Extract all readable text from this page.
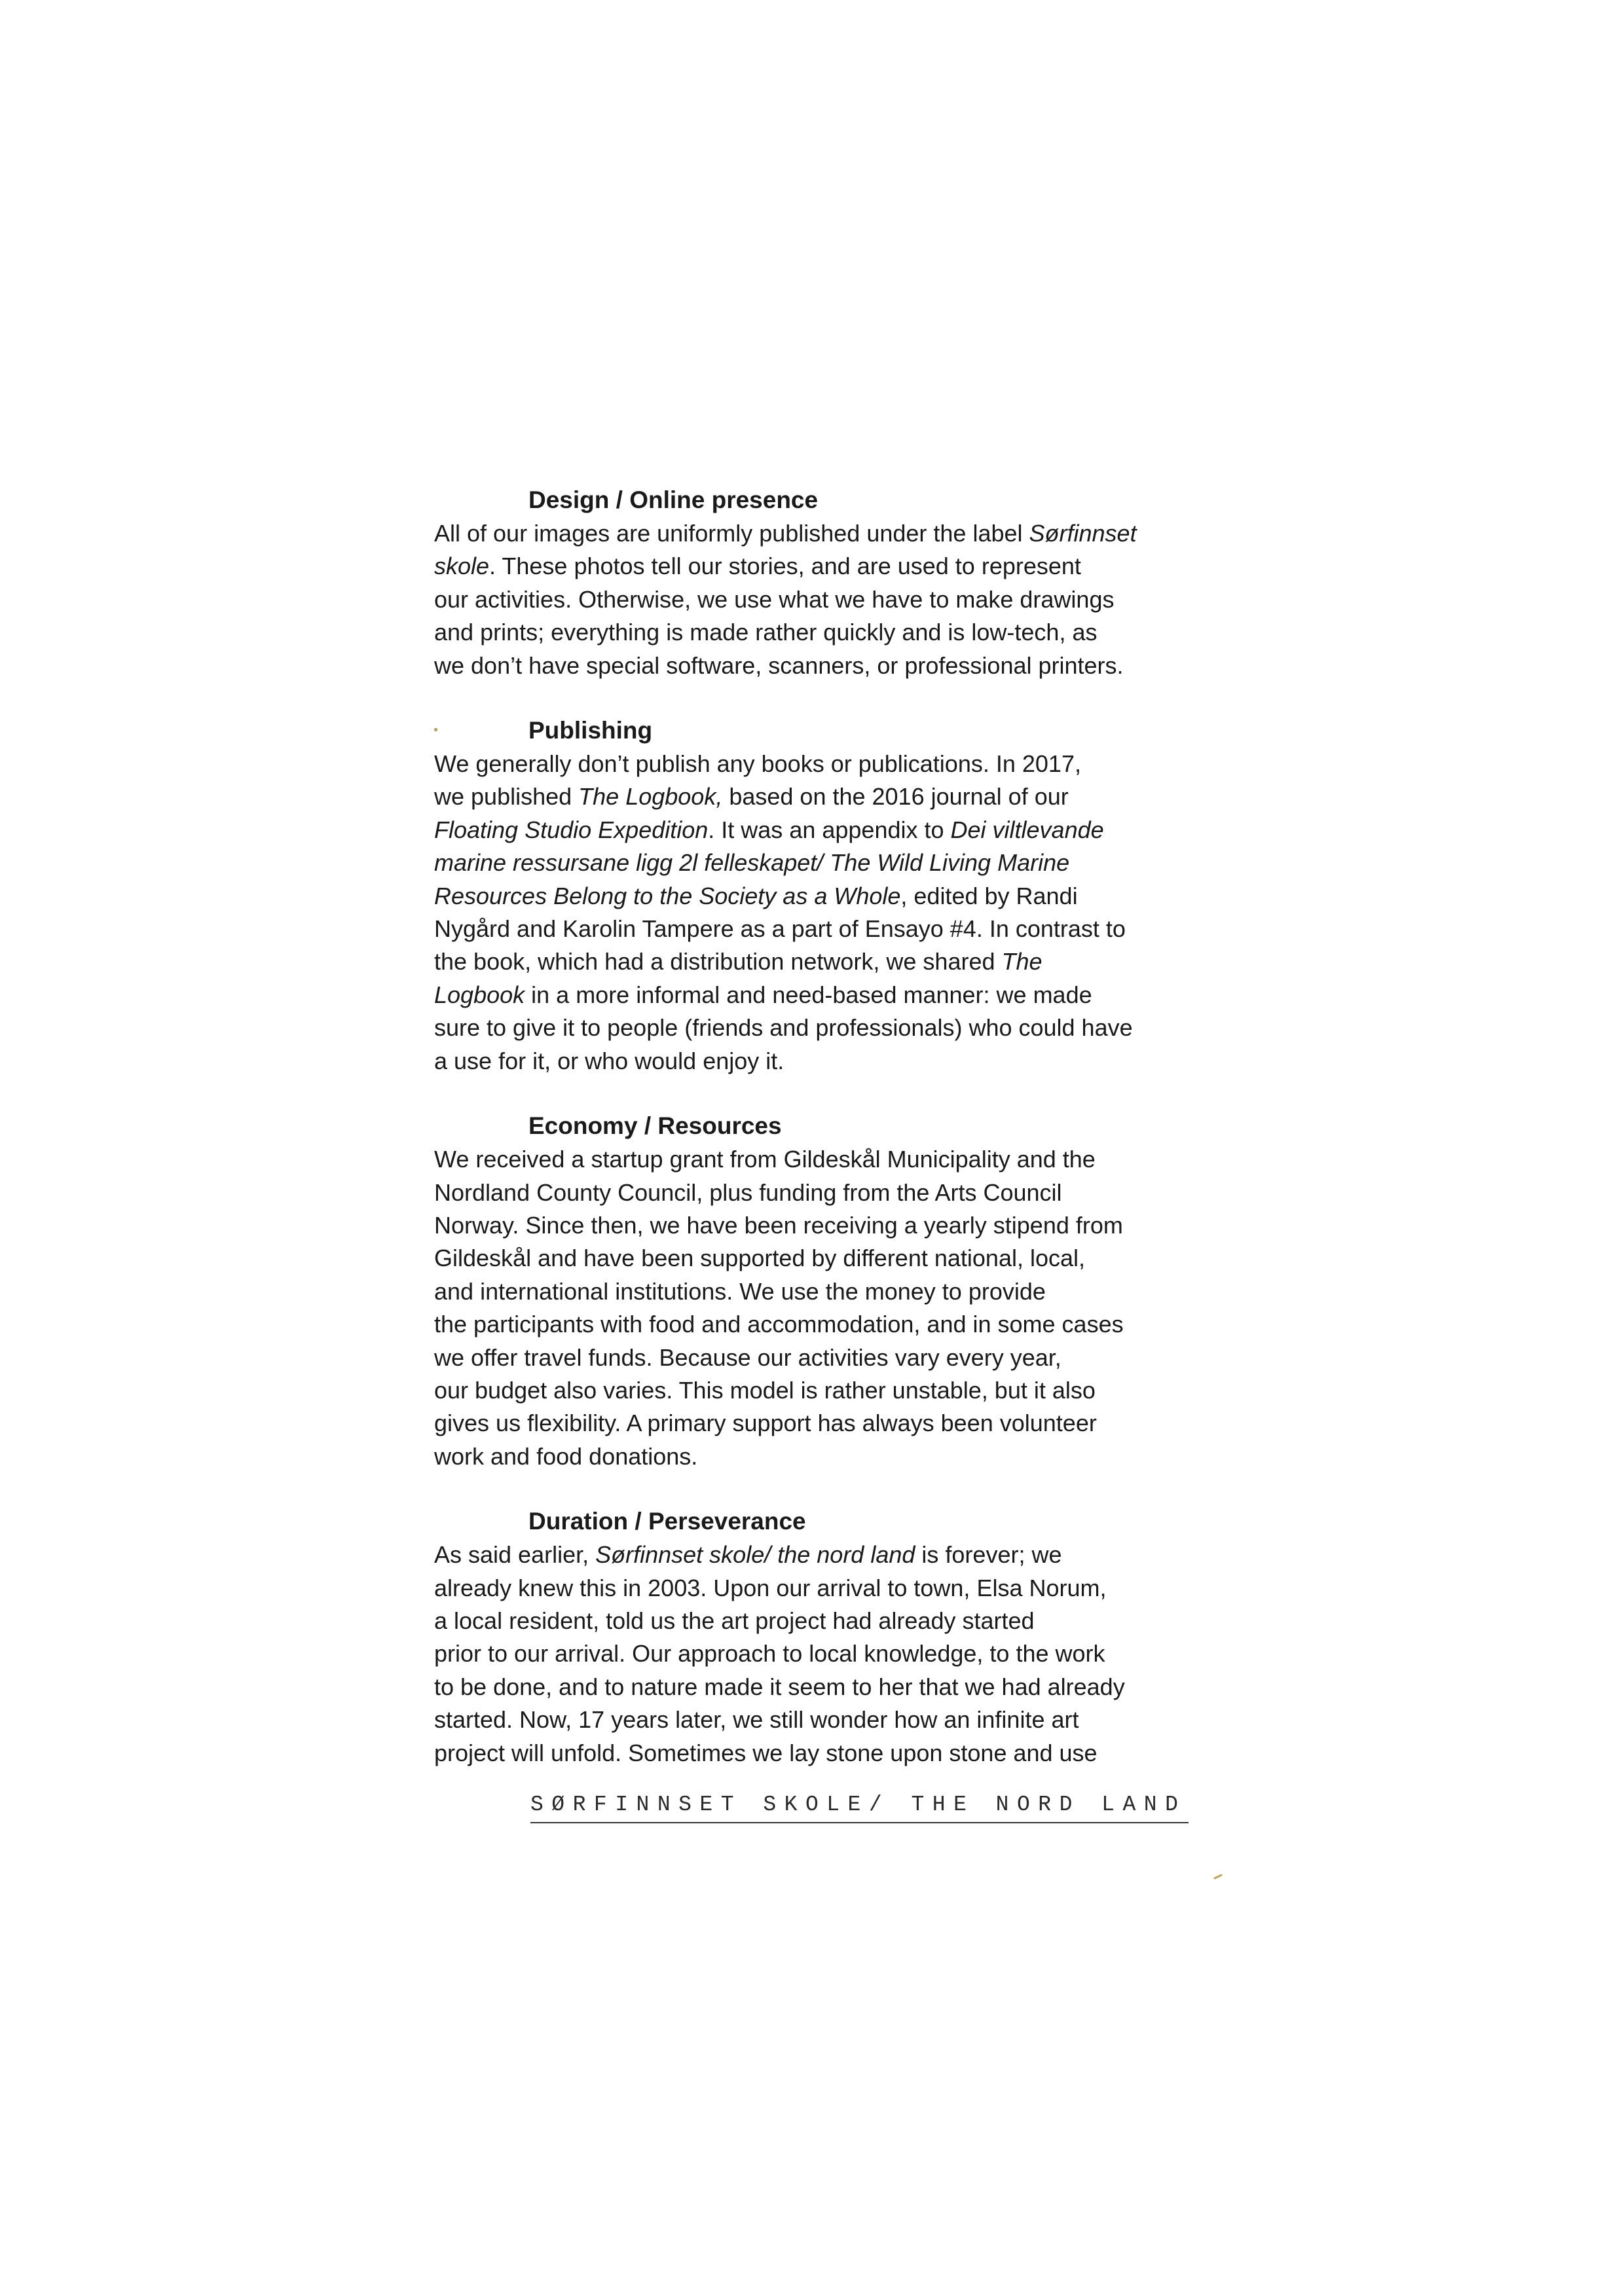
Design / Online presence
All of our images are uniformly published under the label Sørfinnset
skole. These photos tell our stories, and are used to represent
our activities. Otherwise, we use what we have to make drawings
and prints; everything is made rather quickly and is low-tech, as
we don’t have special software, scanners, or professional printers.
Publishing
We generally don’t publish any books or publications. In 2017,
we published The Logbook, based on the 2016 journal of our
Floating Studio Expedition. It was an appendix to Dei viltlevande
marine ressursane ligg 2l felleskapet/ The Wild Living Marine
Resources Belong to the Society as a Whole, edited by Randi
Nygård and Karolin Tampere as a part of Ensayo #4. In contrast to
the book, which had a distribution network, we shared The
Logbook in a more informal and need-based manner: we made
sure to give it to people (friends and professionals) who could have
a use for it, or who would enjoy it.
Economy / Resources
We received a startup grant from Gildeskål Municipality and the
Nordland County Council, plus funding from the Arts Council
Norway. Since then, we have been receiving a yearly stipend from
Gildeskål and have been supported by different national, local,
and international institutions. We use the money to provide
the participants with food and accommodation, and in some cases
we offer travel funds. Because our activities vary every year,
our budget also varies. This model is rather unstable, but it also
gives us flexibility. A primary support has always been volunteer
work and food donations.
Duration / Perseverance
As said earlier, Sørfinnset skole/ the nord land is forever; we
already knew this in 2003. Upon our arrival to town, Elsa Norum,
a local resident, told us the art project had already started
prior to our arrival. Our approach to local knowledge, to the work
to be done, and to nature made it seem to her that we had already
started. Now, 17 years later, we still wonder how an infinite art
project will unfold. Sometimes we lay stone upon stone and use
SØRFINNSET SKOLE/ THE NORD LAND
